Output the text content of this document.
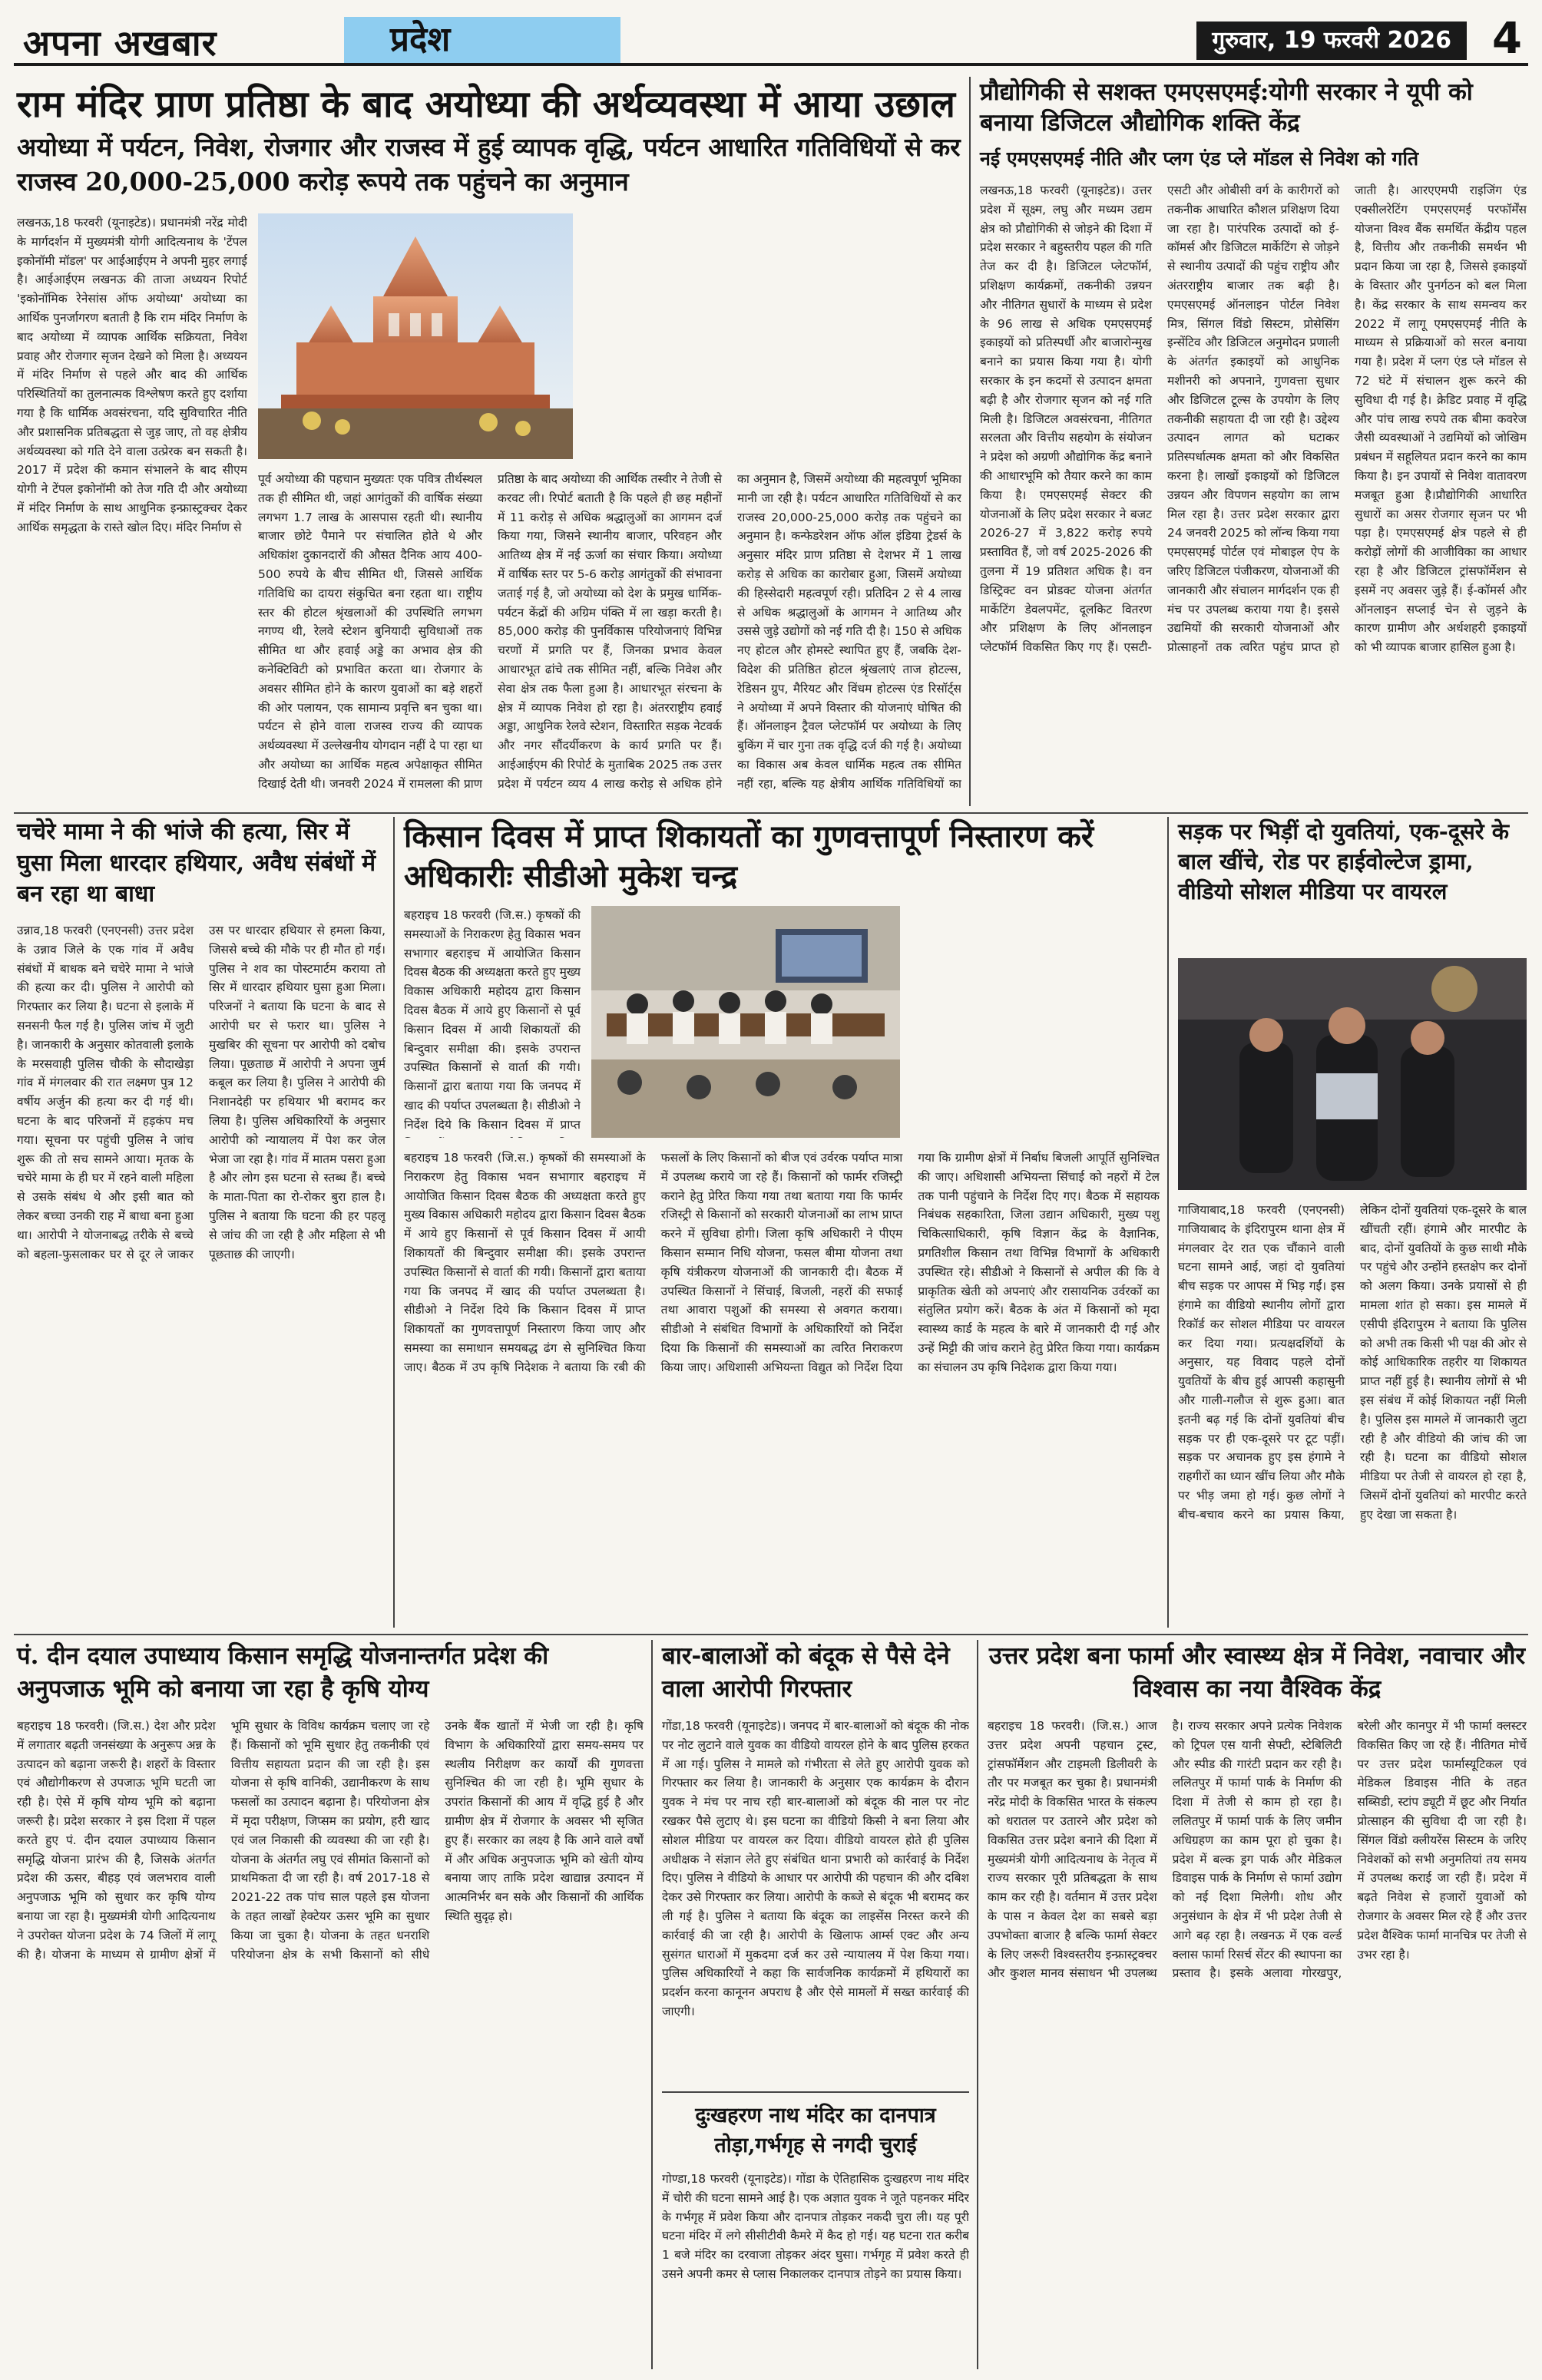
अपना अखबार	प्रदेश	गुरुवार, 19 फरवरी 2026 4
राम मंदिर प्राण प्रतिष्ठा के बाद अयोध्या की अर्थव्यवस्था में आया उछाल
अयोध्या में पर्यटन, निवेश, रोजगार और राजस्व में हुई व्यापक वृद्धि, पर्यटन आधारित गतिविधियों से कर राजस्व 20,000-25,000 करोड़ रूपये तक पहुंचने का अनुमान
लखनऊ,18 फरवरी (यूनाइटेड)। प्रधानमंत्री नरेंद्र मोदी के मार्गदर्शन में मुख्यमंत्री योगी आदित्यनाथ के 'टेंपल इकोनॉमी मॉडल' पर आईआईएम ने अपनी मुहर लगाई है। आईआईएम लखनऊ की ताजा अध्ययन रिपोर्ट 'इकोनॉमिक रेनेसांस ऑफ अयोध्या' अयोध्या का आर्थिक पुनर्जागरण बताती है कि राम मंदिर निर्माण के बाद अयोध्या में व्यापक आर्थिक सक्रियता, निवेश प्रवाह और रोजगार सृजन देखने को मिला है। अध्ययन में मंदिर निर्माण से पहले और बाद की आर्थिक परिस्थितियों का तुलनात्मक विश्लेषण करते हुए दर्शाया गया है कि धार्मिक अवसंरचना, यदि सुविचारित नीति और प्रशासनिक प्रतिबद्धता से जुड़ जाए, तो वह क्षेत्रीय अर्थव्यवस्था को गति देने वाला उत्प्रेरक बन सकती है। 2017 में प्रदेश की कमान संभालने के बाद सीएम योगी ने टेंपल इकोनॉमी को तेज गति दी और अयोध्या में मंदिर निर्माण के साथ आधुनिक इन्फ्रास्ट्रक्चर देकर आर्थिक समृद्धता के रास्ते खोल दिए। मंदिर निर्माण से
पूर्व अयोध्या की पहचान मुख्यतः एक पवित्र तीर्थस्थल तक ही सीमित थी, जहां आगंतुकों की वार्षिक संख्या लगभग 1.7 लाख के आसपास रहती थी। स्थानीय बाजार छोटे पैमाने पर संचालित होते थे और अधिकांश दुकानदारों की औसत दैनिक आय 400-500 रुपये के बीच सीमित थी, जिससे आर्थिक गतिविधि का दायरा संकुचित बना रहता था। राष्ट्रीय स्तर की होटल श्रृंखलाओं की उपस्थिति लगभग नगण्य थी, रेलवे स्टेशन बुनियादी सुविधाओं तक सीमित था और हवाई अड्डे का अभाव क्षेत्र की कनेक्टिविटी को प्रभावित करता था। रोजगार के अवसर सीमित होने के कारण युवाओं का बड़े शहरों की ओर पलायन, एक सामान्य प्रवृत्ति बन चुका था। पर्यटन से होने वाला राजस्व राज्य की व्यापक अर्थव्यवस्था में उल्लेखनीय योगदान नहीं दे पा रहा था और अयोध्या का आर्थिक महत्व अपेक्षाकृत सीमित दिखाई देती थी। जनवरी 2024 में रामलला की प्राण प्रतिष्ठा के बाद अयोध्या की आर्थिक तस्वीर ने तेजी से करवट ली। रिपोर्ट बताती है कि पहले ही छह महीनों में 11 करोड़ से अधिक श्रद्धालुओं का आगमन दर्ज किया गया, जिसने स्थानीय बाजार, परिवहन और आतिथ्य क्षेत्र में नई ऊर्जा का संचार किया। अयोध्या में वार्षिक स्तर पर 5-6 करोड़ आगंतुकों की संभावना जताई गई है, जो अयोध्या को देश के प्रमुख धार्मिक-पर्यटन केंद्रों की अग्रिम पंक्ति में ला खड़ा करती है। 85,000 करोड़ की पुनर्विकास परियोजनाएं विभिन्न चरणों में प्रगति पर हैं, जिनका प्रभाव केवल आधारभूत ढांचे तक सीमित नहीं, बल्कि निवेश और सेवा क्षेत्र तक फैला हुआ है। आधारभूत संरचना के क्षेत्र में व्यापक निवेश हो रहा है। अंतरराष्ट्रीय हवाई अड्डा, आधुनिक रेलवे स्टेशन, विस्तारित सड़क नेटवर्क और नगर सौंदर्यीकरण के कार्य प्रगति पर हैं। आईआईएम की रिपोर्ट के मुताबिक 2025 तक उत्तर प्रदेश में पर्यटन व्यय 4 लाख करोड़ से अधिक होने का अनुमान है, जिसमें अयोध्या की महत्वपूर्ण भूमिका मानी जा रही है। पर्यटन आधारित गतिविधियों से कर राजस्व 20,000-25,000 करोड़ तक पहुंचने का अनुमान है। कन्फेडरेशन ऑफ ऑल इंडिया ट्रेडर्स के अनुसार मंदिर प्राण प्रतिष्ठा से देशभर में 1 लाख करोड़ से अधिक का कारोबार हुआ, जिसमें अयोध्या की हिस्सेदारी महत्वपूर्ण रही। प्रतिदिन 2 से 4 लाख से अधिक श्रद्धालुओं के आगमन ने आतिथ्य और उससे जुड़े उद्योगों को नई गति दी है। 150 से अधिक नए होटल और होमस्टे स्थापित हुए हैं, जबकि देश-विदेश की प्रतिष्ठित होटल श्रृंखलाएं ताज होटल्स, रेडिसन ग्रुप, मैरियट और विंधम होटल्स एंड रिसॉर्ट्स ने अयोध्या में अपने विस्तार की योजनाएं घोषित की हैं। ऑनलाइन ट्रैवल प्लेटफॉर्म पर अयोध्या के लिए बुकिंग में चार गुना तक वृद्धि दर्ज की गई है। अयोध्या का विकास अब केवल धार्मिक महत्व तक सीमित नहीं रहा, बल्कि यह क्षेत्रीय आर्थिक गतिविधियों का
प्रौद्योगिकी से सशक्त एमएसएमई:योगी सरकार ने यूपी को बनाया डिजिटल औद्योगिक शक्ति केंद्र
नई एमएसएमई नीति और प्लग एंड प्ले मॉडल से निवेश को गति
लखनऊ,18 फरवरी (यूनाइटेड)। उत्तर प्रदेश में सूक्ष्म, लघु और मध्यम उद्यम क्षेत्र को प्रौद्योगिकी से जोड़ने की दिशा में प्रदेश सरकार ने बहुस्तरीय पहल की गति तेज कर दी है। डिजिटल प्लेटफॉर्म, प्रशिक्षण कार्यक्रमों, तकनीकी उन्नयन और नीतिगत सुधारों के माध्यम से प्रदेश के 96 लाख से अधिक एमएसएमई इकाइयों को प्रतिस्पर्धी और बाजारोन्मुख बनाने का प्रयास किया गया है। योगी सरकार के इन कदमों से उत्पादन क्षमता बढ़ी है और रोजगार सृजन को नई गति मिली है। डिजिटल अवसंरचना, नीतिगत सरलता और वित्तीय सहयोग के संयोजन ने प्रदेश को अग्रणी औद्योगिक केंद्र बनाने की आधारभूमि को तैयार करने का काम किया है। एमएसएमई सेक्टर की योजनाओं के लिए प्रदेश सरकार ने बजट 2026-27 में 3,822 करोड़ रुपये प्रस्तावित हैं, जो वर्ष 2025-2026 की तुलना में 19 प्रतिशत अधिक है। वन डिस्ट्रिक्ट वन प्रोडक्ट योजना अंतर्गत मार्केटिंग डेवलपमेंट, दूलकिट वितरण और प्रशिक्षण के लिए ऑनलाइन प्लेटफॉर्म विकसित किए गए हैं। एसटी-एसटी और ओबीसी वर्ग के कारीगरों को तकनीक आधारित कौशल प्रशिक्षण दिया जा रहा है। पारंपरिक उत्पादों को ई-कॉमर्स और डिजिटल मार्केटिंग से जोड़ने से स्थानीय उत्पादों की पहुंच राष्ट्रीय और अंतरराष्ट्रीय बाजार तक बढ़ी है। एमएसएमई ऑनलाइन पोर्टल निवेश मित्र, सिंगल विंडो सिस्टम, प्रोसेसिंग इन्सेंटिव और डिजिटल अनुमोदन प्रणाली के अंतर्गत इकाइयों को आधुनिक मशीनरी को अपनाने, गुणवत्ता सुधार और डिजिटल टूल्स के उपयोग के लिए तकनीकी सहायता दी जा रही है। उद्देश्य उत्पादन लागत को घटाकर प्रतिस्पर्धात्मक क्षमता को और विकसित करना है। लाखों इकाइयों को डिजिटल उन्नयन और विपणन सहयोग का लाभ मिल रहा है। उत्तर प्रदेश सरकार द्वारा 24 जनवरी 2025 को लॉन्च किया गया एमएसएमई पोर्टल एवं मोबाइल ऐप के जरिए डिजिटल पंजीकरण, योजनाओं की जानकारी और संचालन मार्गदर्शन एक ही मंच पर उपलब्ध कराया गया है। इससे उद्यमियों की सरकारी योजनाओं और प्रोत्साहनों तक त्वरित पहुंच प्राप्त हो जाती है। आरएएमपी राइजिंग एंड एक्सीलरेटिंग एमएसएमई परफॉर्मेंस योजना विश्व बैंक समर्थित केंद्रीय पहल है, वित्तीय और तकनीकी समर्थन भी प्रदान किया जा रहा है, जिससे इकाइयों के विस्तार और पुनर्गठन को बल मिला है। केंद्र सरकार के साथ समन्वय कर 2022 में लागू एमएसएमई नीति के माध्यम से प्रक्रियाओं को सरल बनाया गया है। प्रदेश में प्लग एंड प्ले मॉडल से 72 घंटे में संचालन शुरू करने की सुविधा दी गई है। क्रेडिट प्रवाह में वृद्धि और पांच लाख रुपये तक बीमा कवरेज जैसी व्यवस्थाओं ने उद्यमियों को जोखिम प्रबंधन में सहूलियत प्रदान करने का काम किया है। इन उपायों से निवेश वातावरण मजबूत हुआ है।प्रौद्योगिकी आधारित सुधारों का असर रोजगार सृजन पर भी पड़ा है। एमएसएमई क्षेत्र पहले से ही करोड़ों लोगों की आजीविका का आधार रहा है और डिजिटल ट्रांसफॉर्मेशन से इसमें नए अवसर जुड़े हैं। ई-कॉमर्स और ऑनलाइन सप्लाई चेन से जुड़ने के कारण ग्रामीण और अर्धशहरी इकाइयों को भी व्यापक बाजार हासिल हुआ है।
चचेरे मामा ने की भांजे की हत्या, सिर में घुसा मिला धारदार हथियार, अवैध संबंधों में बन रहा था बाधा
उन्नाव,18 फरवरी (एनएनसी) उत्तर प्रदेश के उन्नाव जिले के एक गांव में अवैध संबंधों में बाधक बने चचेरे मामा ने भांजे की हत्या कर दी। पुलिस ने आरोपी को गिरफ्तार कर लिया है। घटना से इलाके में सनसनी फैल गई है। पुलिस जांच में जुटी है। जानकारी के अनुसार कोतवाली इलाके के मरसवाही पुलिस चौकी के सौदाखेड़ा गांव में मंगलवार की रात लक्ष्मण पुत्र 12 वर्षीय अर्जुन की हत्या कर दी गई थी। घटना के बाद परिजनों में हड़कंप मच गया। सूचना पर पहुंची पुलिस ने जांच शुरू की तो सच सामने आया। मृतक के चचेरे मामा के ही घर में रहने वाली महिला से उसके संबंध थे और इसी बात को लेकर बच्चा उनकी राह में बाधा बना हुआ था। आरोपी ने योजनाबद्ध तरीके से बच्चे को बहला-फुसलाकर घर से दूर ले जाकर उस पर धारदार हथियार से हमला किया, जिससे बच्चे की मौके पर ही मौत हो गई। पुलिस ने शव का पोस्टमार्टम कराया तो सिर में धारदार हथियार घुसा हुआ मिला। परिजनों ने बताया कि घटना के बाद से आरोपी घर से फरार था। पुलिस ने मुखबिर की सूचना पर आरोपी को दबोच लिया। पूछताछ में आरोपी ने अपना जुर्म कबूल कर लिया है। पुलिस ने आरोपी की निशानदेही पर हथियार भी बरामद कर लिया है। पुलिस अधिकारियों के अनुसार आरोपी को न्यायालय में पेश कर जेल भेजा जा रहा है। गांव में मातम पसरा हुआ है और लोग इस घटना से स्तब्ध हैं। बच्चे के माता-पिता का रो-रोकर बुरा हाल है। पुलिस ने बताया कि घटना की हर पहलू से जांच की जा रही है और महिला से भी पूछताछ की जाएगी।
किसान दिवस में प्राप्त शिकायतों का गुणवत्तापूर्ण निस्तारण करें अधिकारीः सीडीओ मुकेश चन्द्र
बहराइच 18 फरवरी (जि.स.) कृषकों की समस्याओं के निराकरण हेतु विकास भवन सभागार बहराइच में आयोजित किसान दिवस बैठक की अध्यक्षता करते हुए मुख्य विकास अधिकारी महोदय द्वारा किसान दिवस बैठक में आये हुए किसानों से पूर्व किसान दिवस में आयी शिकायतों की बिन्दुवार समीक्षा की। इसके उपरान्त उपस्थित किसानों से वार्ता की गयी। किसानों द्वारा बताया गया कि जनपद में खाद की पर्याप्त उपलब्धता है। सीडीओ ने निर्देश दिये कि किसान दिवस में प्राप्त
बहराइच 18 फरवरी (जि.स.) कृषकों की समस्याओं के निराकरण हेतु विकास भवन सभागार बहराइच में आयोजित किसान दिवस बैठक की अध्यक्षता करते हुए मुख्य विकास अधिकारी महोदय द्वारा किसान दिवस बैठक में आये हुए किसानों से पूर्व किसान दिवस में आयी शिकायतों की बिन्दुवार समीक्षा की। इसके उपरान्त उपस्थित किसानों से वार्ता की गयी। किसानों द्वारा बताया गया कि जनपद में खाद की पर्याप्त उपलब्धता है। सीडीओ ने निर्देश दिये कि किसान दिवस में प्राप्त शिकायतों का गुणवत्तापूर्ण निस्तारण किया जाए और समस्या का समाधान समयबद्ध ढंग से सुनिश्चित किया जाए। बैठक में उप कृषि निदेशक ने बताया कि रबी की फसलों के लिए किसानों को बीज एवं उर्वरक पर्याप्त मात्रा में उपलब्ध कराये जा रहे हैं। किसानों को फार्मर रजिस्ट्री कराने हेतु प्रेरित किया गया तथा बताया गया कि फार्मर रजिस्ट्री से किसानों को सरकारी योजनाओं का लाभ प्राप्त करने में सुविधा होगी। जिला कृषि अधिकारी ने पीएम किसान सम्मान निधि योजना, फसल बीमा योजना तथा कृषि यंत्रीकरण योजनाओं की जानकारी दी। बैठक में उपस्थित किसानों ने सिंचाई, बिजली, नहरों की सफाई तथा आवारा पशुओं की समस्या से अवगत कराया। सीडीओ ने संबंधित विभागों के अधिकारियों को निर्देश दिया कि किसानों की समस्याओं का त्वरित निराकरण किया जाए। अधिशासी अभियन्ता विद्युत को निर्देश दिया गया कि ग्रामीण क्षेत्रों में निर्बाध बिजली आपूर्ति सुनिश्चित की जाए। अधिशासी अभियन्ता सिंचाई को नहरों में टेल तक पानी पहुंचाने के निर्देश दिए गए। बैठक में सहायक निबंधक सहकारिता, जिला उद्यान अधिकारी, मुख्य पशु चिकित्साधिकारी, कृषि विज्ञान केंद्र के वैज्ञानिक, प्रगतिशील किसान तथा विभिन्न विभागों के अधिकारी उपस्थित रहे। सीडीओ ने किसानों से अपील की कि वे प्राकृतिक खेती को अपनाएं और रासायनिक उर्वरकों का संतुलित प्रयोग करें। बैठक के अंत में किसानों को मृदा स्वास्थ्य कार्ड के महत्व के बारे में जानकारी दी गई और उन्हें मिट्टी की जांच कराने हेतु प्रेरित किया गया। कार्यक्रम का संचालन उप कृषि निदेशक द्वारा किया गया।
सड़क पर भिड़ीं दो युवतियां, एक-दूसरे के बाल खींचे, रोड पर हाईवोल्टेज ड्रामा, वीडियो सोशल मीडिया पर वायरल
गाजियाबाद,18 फरवरी (एनएनसी) गाजियाबाद के इंदिरापुरम थाना क्षेत्र में मंगलवार देर रात एक चौंकाने वाली घटना सामने आई, जहां दो युवतियां बीच सड़क पर आपस में भिड़ गईं। इस हंगामे का वीडियो स्थानीय लोगों द्वारा रिकॉर्ड कर सोशल मीडिया पर वायरल कर दिया गया। प्रत्यक्षदर्शियों के अनुसार, यह विवाद पहले दोनों युवतियों के बीच हुई आपसी कहासुनी और गाली-गलौज से शुरू हुआ। बात इतनी बढ़ गई कि दोनों युवतियां बीच सड़क पर ही एक-दूसरे पर टूट पड़ीं। सड़क पर अचानक हुए इस हंगामे ने राहगीरों का ध्यान खींच लिया और मौके पर भीड़ जमा हो गई। कुछ लोगों ने बीच-बचाव करने का प्रयास किया, लेकिन दोनों युवतियां एक-दूसरे के बाल खींचती रहीं। हंगामे और मारपीट के बाद, दोनों युवतियों के कुछ साथी मौके पर पहुंचे और उन्होंने हस्तक्षेप कर दोनों को अलग किया। उनके प्रयासों से ही मामला शांत हो सका। इस मामले में एसीपी इंदिरापुरम ने बताया कि पुलिस को अभी तक किसी भी पक्ष की ओर से कोई आधिकारिक तहरीर या शिकायत प्राप्त नहीं हुई है। स्थानीय लोगों से भी इस संबंध में कोई शिकायत नहीं मिली है। पुलिस इस मामले में जानकारी जुटा रही है और वीडियो की जांच की जा रही है। घटना का वीडियो सोशल मीडिया पर तेजी से वायरल हो रहा है, जिसमें दोनों युवतियां को मारपीट करते हुए देखा जा सकता है।
पं. दीन दयाल उपाध्याय किसान समृद्धि योजनान्तर्गत प्रदेश की अनुपजाऊ भूमि को बनाया जा रहा है कृषि योग्य
बहराइच 18 फरवरी। (जि.स.) देश और प्रदेश में लगातार बढ़ती जनसंख्या के अनुरूप अन्न के उत्पादन को बढ़ाना जरूरी है। शहरों के विस्तार एवं औद्योगीकरण से उपजाऊ भूमि घटती जा रही है। ऐसे में कृषि योग्य भूमि को बढ़ाना जरूरी है। प्रदेश सरकार ने इस दिशा में पहल करते हुए पं. दीन दयाल उपाध्याय किसान समृद्धि योजना प्रारंभ की है, जिसके अंतर्गत प्रदेश की ऊसर, बीहड़ एवं जलभराव वाली अनुपजाऊ भूमि को सुधार कर कृषि योग्य बनाया जा रहा है। मुख्यमंत्री योगी आदित्यनाथ ने उपरोक्त योजना प्रदेश के 74 जिलों में लागू की है। योजना के माध्यम से ग्रामीण क्षेत्रों में भूमि सुधार के विविध कार्यक्रम चलाए जा रहे हैं। किसानों को भूमि सुधार हेतु तकनीकी एवं वित्तीय सहायता प्रदान की जा रही है। इस योजना से कृषि वानिकी, उद्यानीकरण के साथ फसलों का उत्पादन बढ़ाना है। परियोजना क्षेत्र में मृदा परीक्षण, जिप्सम का प्रयोग, हरी खाद एवं जल निकासी की व्यवस्था की जा रही है। योजना के अंतर्गत लघु एवं सीमांत किसानों को प्राथमिकता दी जा रही है। वर्ष 2017-18 से 2021-22 तक पांच साल पहले इस योजना के तहत लाखों हेक्टेयर ऊसर भूमि का सुधार किया जा चुका है। योजना के तहत धनराशि परियोजना क्षेत्र के सभी किसानों को सीधे उनके बैंक खातों में भेजी जा रही है। कृषि विभाग के अधिकारियों द्वारा समय-समय पर स्थलीय निरीक्षण कर कार्यों की गुणवत्ता सुनिश्चित की जा रही है। भूमि सुधार के उपरांत किसानों की आय में वृद्धि हुई है और ग्रामीण क्षेत्र में रोजगार के अवसर भी सृजित हुए हैं। सरकार का लक्ष्य है कि आने वाले वर्षों में और अधिक अनुपजाऊ भूमि को खेती योग्य बनाया जाए ताकि प्रदेश खाद्यान्न उत्पादन में आत्मनिर्भर बन सके और किसानों की आर्थिक स्थिति सुदृढ़ हो।
बार-बालाओं को बंदूक से पैसे देने वाला आरोपी गिरफ्तार
गोंडा,18 फरवरी (यूनाइटेड)। जनपद में बार-बालाओं को बंदूक की नोक पर नोट लुटाने वाले युवक का वीडियो वायरल होने के बाद पुलिस हरकत में आ गई। पुलिस ने मामले को गंभीरता से लेते हुए आरोपी युवक को गिरफ्तार कर लिया है। जानकारी के अनुसार एक कार्यक्रम के दौरान युवक ने मंच पर नाच रही बार-बालाओं को बंदूक की नाल पर नोट रखकर पैसे लुटाए थे। इस घटना का वीडियो किसी ने बना लिया और सोशल मीडिया पर वायरल कर दिया। वीडियो वायरल होते ही पुलिस अधीक्षक ने संज्ञान लेते हुए संबंधित थाना प्रभारी को कार्रवाई के निर्देश दिए। पुलिस ने वीडियो के आधार पर आरोपी की पहचान की और दबिश देकर उसे गिरफ्तार कर लिया। आरोपी के कब्जे से बंदूक भी बरामद कर ली गई है। पुलिस ने बताया कि बंदूक का लाइसेंस निरस्त करने की कार्रवाई की जा रही है। आरोपी के खिलाफ आर्म्स एक्ट और अन्य सुसंगत धाराओं में मुकदमा दर्ज कर उसे न्यायालय में पेश किया गया। पुलिस अधिकारियों ने कहा कि सार्वजनिक कार्यक्रमों में हथियारों का प्रदर्शन करना कानूनन अपराध है और ऐसे मामलों में सख्त कार्रवाई की जाएगी।
दुःखहरण नाथ मंदिर का दानपात्र तोड़ा,गर्भगृह से नगदी चुराई
गोण्डा,18 फरवरी (यूनाइटेड)। गोंडा के ऐतिहासिक दुःखहरण नाथ मंदिर में चोरी की घटना सामने आई है। एक अज्ञात युवक ने जूते पहनकर मंदिर के गर्भगृह में प्रवेश किया और दानपात्र तोड़कर नकदी चुरा ली। यह पूरी घटना मंदिर में लगे सीसीटीवी कैमरे में कैद हो गई। यह घटना रात करीब 1 बजे मंदिर का दरवाजा तोड़कर अंदर घुसा। गर्भगृह में प्रवेश करते ही उसने अपनी कमर से प्लास निकालकर दानपात्र तोड़ने का प्रयास किया।
उत्तर प्रदेश बना फार्मा और स्वास्थ्य क्षेत्र में निवेश, नवाचार और विश्वास का नया वैश्विक केंद्र
बहराइच 18 फरवरी। (जि.स.) आज उत्तर प्रदेश अपनी पहचान ट्रस्ट, ट्रांसफॉर्मेशन और टाइमली डिलीवरी के तौर पर मजबूत कर चुका है। प्रधानमंत्री नरेंद्र मोदी के विकसित भारत के संकल्प को धरातल पर उतारने और प्रदेश को विकसित उत्तर प्रदेश बनाने की दिशा में मुख्यमंत्री योगी आदित्यनाथ के नेतृत्व में राज्य सरकार पूरी प्रतिबद्धता के साथ काम कर रही है। वर्तमान में उत्तर प्रदेश के पास न केवल देश का सबसे बड़ा उपभोक्ता बाजार है बल्कि फार्मा सेक्टर के लिए जरूरी विश्वस्तरीय इन्फ्रास्ट्रक्चर और कुशल मानव संसाधन भी उपलब्ध है। राज्य सरकार अपने प्रत्येक निवेशक को ट्रिपल एस यानी सेफ्टी, स्टेबिलिटी और स्पीड की गारंटी प्रदान कर रही है। ललितपुर में फार्मा पार्क के निर्माण की दिशा में तेजी से काम हो रहा है। ललितपुर में फार्मा पार्क के लिए जमीन अधिग्रहण का काम पूरा हो चुका है। प्रदेश में बल्क ड्रग पार्क और मेडिकल डिवाइस पार्क के निर्माण से फार्मा उद्योग को नई दिशा मिलेगी। शोध और अनुसंधान के क्षेत्र में भी प्रदेश तेजी से आगे बढ़ रहा है। लखनऊ में एक वर्ल्ड क्लास फार्मा रिसर्च सेंटर की स्थापना का प्रस्ताव है। इसके अलावा गोरखपुर, बरेली और कानपुर में भी फार्मा क्लस्टर विकसित किए जा रहे हैं। नीतिगत मोर्चे पर उत्तर प्रदेश फार्मास्यूटिकल एवं मेडिकल डिवाइस नीति के तहत सब्सिडी, स्टांप ड्यूटी में छूट और निर्यात प्रोत्साहन की सुविधा दी जा रही है। सिंगल विंडो क्लीयरेंस सिस्टम के जरिए निवेशकों को सभी अनुमतियां तय समय में उपलब्ध कराई जा रही हैं। प्रदेश में बढ़ते निवेश से हजारों युवाओं को रोजगार के अवसर मिल रहे हैं और उत्तर प्रदेश वैश्विक फार्मा मानचित्र पर तेजी से उभर रहा है।
